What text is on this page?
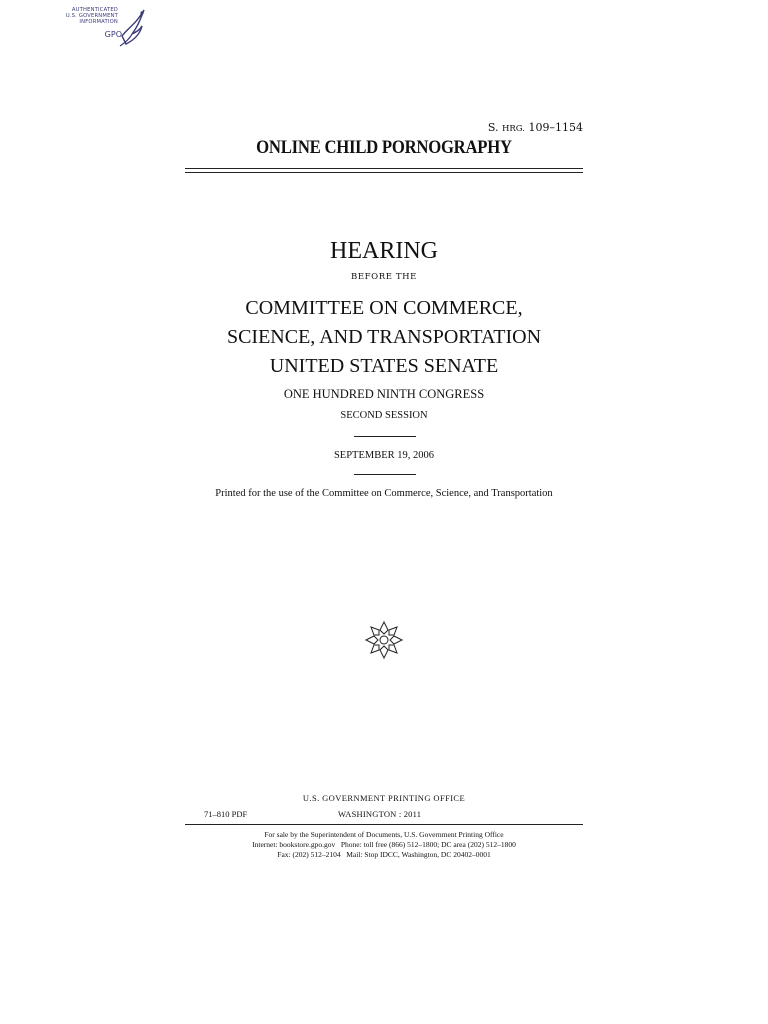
AUTHENTICATED
U.S. GOVERNMENT
INFORMATION
GPO
S. HRG. 109–1154
ONLINE CHILD PORNOGRAPHY
HEARING
BEFORE THE
COMMITTEE ON COMMERCE,
SCIENCE, AND TRANSPORTATION
UNITED STATES SENATE
ONE HUNDRED NINTH CONGRESS
SECOND SESSION
SEPTEMBER 19, 2006
Printed for the use of the Committee on Commerce, Science, and Transportation
U.S. GOVERNMENT PRINTING OFFICE
71–810 PDF	WASHINGTON : 2011
For sale by the Superintendent of Documents, U.S. Government Printing Office
Internet: bookstore.gpo.gov   Phone: toll free (866) 512–1800; DC area (202) 512–1800
Fax: (202) 512–2104   Mail: Stop IDCC, Washington, DC 20402–0001
